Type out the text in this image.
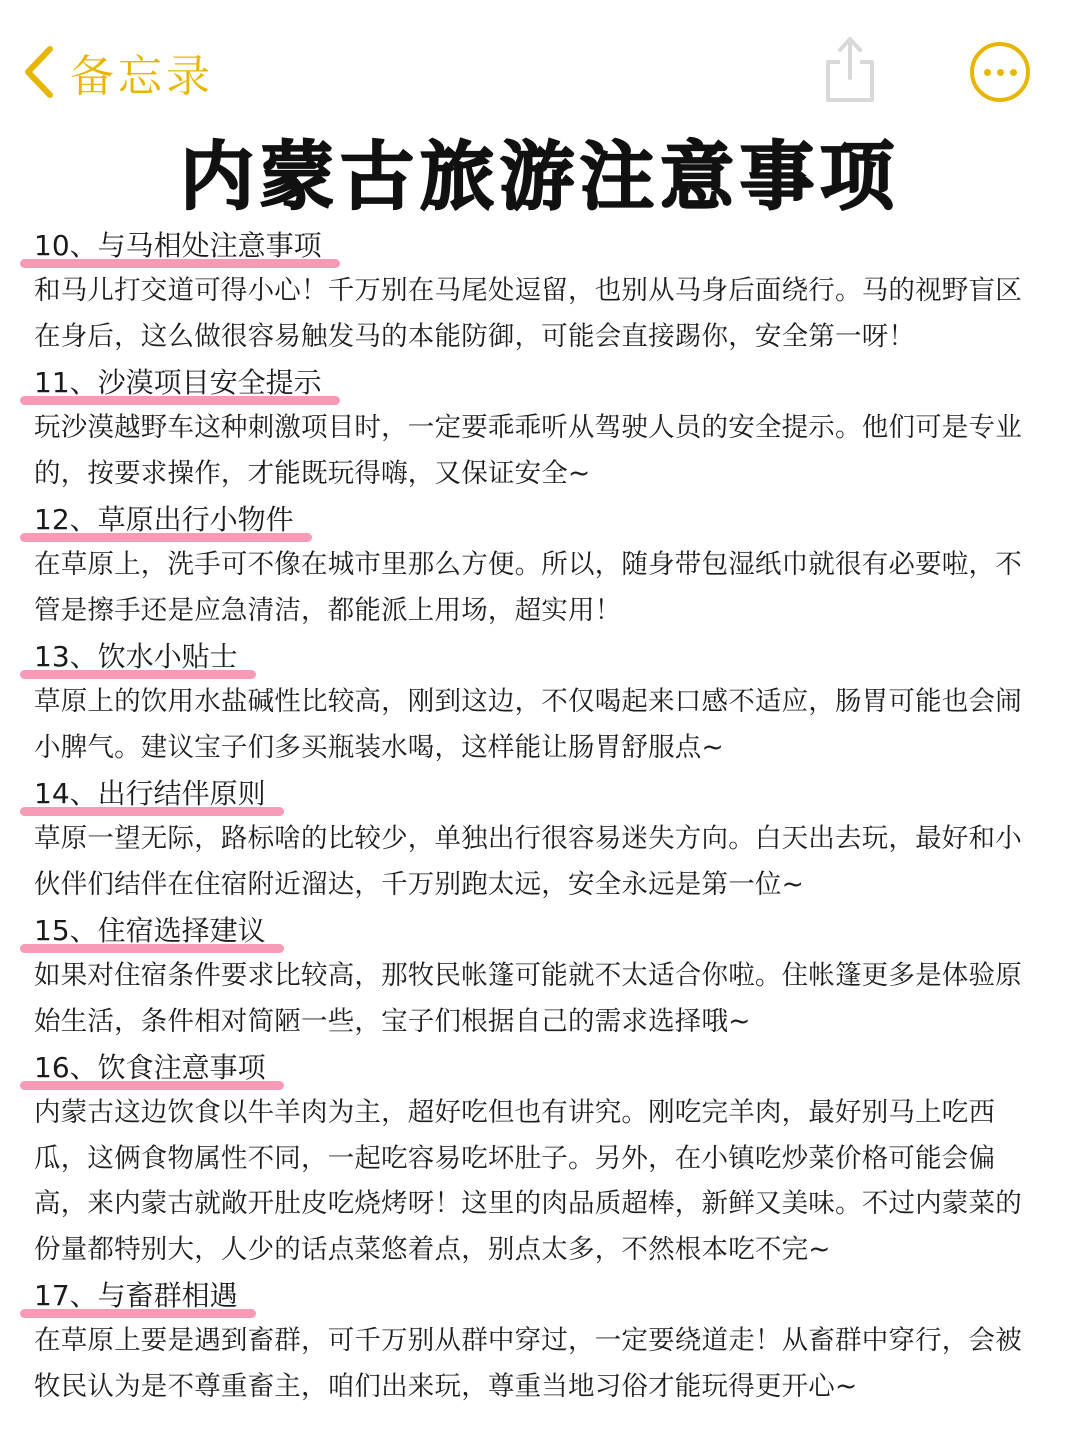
备忘录
内蒙古旅游注意事项
10、与马相处注意事项

和马儿打交道可得小心！千万别在马尾处逗留，也别从马身后面绕行。马的视野盲区在身后，这么做很容易触发马的本能防御，可能会直接踢你，安全第一呀！

11、沙漠项目安全提示

玩沙漠越野车这种刺激项目时，一定要乖乖听从驾驶人员的安全提示。他们可是专业的，按要求操作，才能既玩得嗨，又保证安全~

12、草原出行小物件

在草原上，洗手可不像在城市里那么方便。所以，随身带包湿纸巾就很有必要啦，不管是擦手还是应急清洁，都能派上用场，超实用！

13、饮水小贴士

草原上的饮用水盐碱性比较高，刚到这边，不仅喝起来口感不适应，肠胃可能也会闹小脾气。建议宝子们多买瓶装水喝，这样能让肠胃舒服点~

14、出行结伴原则

草原一望无际，路标啥的比较少，单独出行很容易迷失方向。白天出去玩，最好和小伙伴们结伴在住宿附近溜达，千万别跑太远，安全永远是第一位~

15、住宿选择建议

如果对住宿条件要求比较高，那牧民帐篷可能就不太适合你啦。住帐篷更多是体验原始生活，条件相对简陋一些，宝子们根据自己的需求选择哦~

16、饮食注意事项

内蒙古这边饮食以牛羊肉为主，超好吃但也有讲究。刚吃完羊肉，最好别马上吃西瓜，这俩食物属性不同，一起吃容易吃坏肚子。另外，在小镇吃炒菜价格可能会偏高，来内蒙古就敞开肚皮吃烧烤呀！这里的肉品质超棒，新鲜又美味。不过内蒙菜的份量都特别大，人少的话点菜悠着点，别点太多，不然根本吃不完~

17、与畜群相遇

在草原上要是遇到畜群，可千万别从群中穿过，一定要绕道走！从畜群中穿行，会被牧民认为是不尊重畜主，咱们出来玩，尊重当地习俗才能玩得更开心~
